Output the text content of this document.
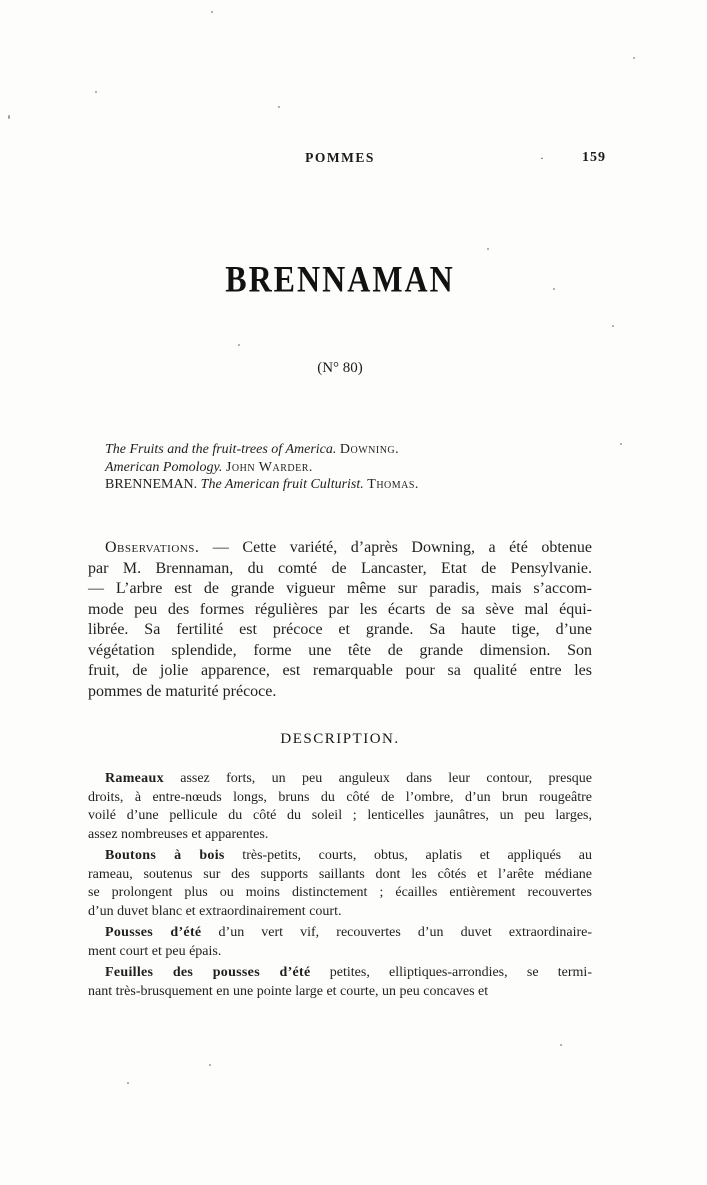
POMMES	·	159
BRENNAMAN
(N° 80)
The Fruits and the fruit-trees of America. Downing.
American Pomology. John Warder.
BRENNEMAN. The American fruit Culturist. Thomas.
Observations. — Cette variété, d’après Downing, a été obtenue
par M. Brennaman, du comté de Lancaster, Etat de Pensylvanie.
— L’arbre est de grande vigueur même sur paradis, mais s’accom-
mode peu des formes régulières par les écarts de sa sève mal équi-
librée. Sa fertilité est précoce et grande. Sa haute tige, d’une
végétation splendide, forme une tête de grande dimension. Son
fruit, de jolie apparence, est remarquable pour sa qualité entre les
pommes de maturité précoce.
DESCRIPTION.
Rameaux assez forts, un peu anguleux dans leur contour, presque
droits, à entre-nœuds longs, bruns du côté de l’ombre, d’un brun rougeâtre
voilé d’une pellicule du côté du soleil ; lenticelles jaunâtres, un peu larges,
assez nombreuses et apparentes.
Boutons à bois très-petits, courts, obtus, aplatis et appliqués au
rameau, soutenus sur des supports saillants dont les côtés et l’arête médiane
se prolongent plus ou moins distinctement ; écailles entièrement recouvertes
d’un duvet blanc et extraordinairement court.
Pousses d’été d’un vert vif, recouvertes d’un duvet extraordinaire-
ment court et peu épais.
Feuilles des pousses d’été petites, elliptiques-arrondies, se termi-
nant très-brusquement en une pointe large et courte, un peu concaves et
